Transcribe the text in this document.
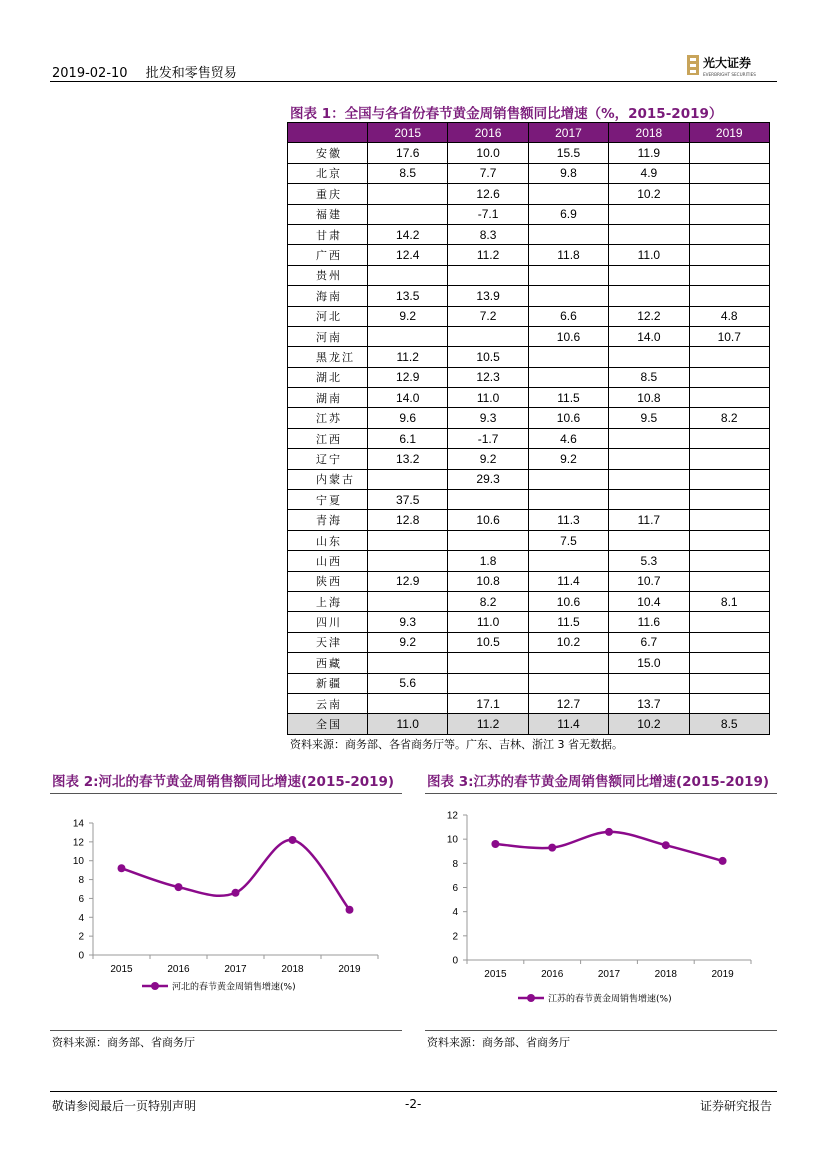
2019-02-10 批发和零售贸易
光大证券
EVERBRIGHT SECURITIES
图表 1：全国与各省份春节黄金周销售额同比增速（%，2015-2019）
	2015	2016	2017	2018	2019
安徽	17.6	10.0	15.5	11.9	
北京	8.5	7.7	9.8	4.9	
重庆		12.6		10.2	
福建		-7.1	6.9		
甘肃	14.2	8.3			
广西	12.4	11.2	11.8	11.0	
贵州					
海南	13.5	13.9			
河北	9.2	7.2	6.6	12.2	4.8
河南			10.6	14.0	10.7
黑龙江	11.2	10.5			
湖北	12.9	12.3		8.5	
湖南	14.0	11.0	11.5	10.8	
江苏	9.6	9.3	10.6	9.5	8.2
江西	6.1	-1.7	4.6		
辽宁	13.2	9.2	9.2		
内蒙古		29.3			
宁夏	37.5				
青海	12.8	10.6	11.3	11.7	
山东			7.5		
山西		1.8		5.3	
陕西	12.9	10.8	11.4	10.7	
上海		8.2	10.6	10.4	8.1
四川	9.3	11.0	11.5	11.6	
天津	9.2	10.5	10.2	6.7	
西藏				15.0	
新疆	5.6				
云南		17.1	12.7	13.7	
全国	11.0	11.2	11.4	10.2	8.5
资料来源：商务部、各省商务厅等。广东、吉林、浙江 3 省无数据。
图表 2:河北的春节黄金周销售额同比增速(2015-2019)
0
2
4
6
8
10
12
14
2015	2016	2017	2018	2019
河北的春节黄金周销售增速(%)
资料来源：商务部、省商务厅
图表 3:江苏的春节黄金周销售额同比增速(2015-2019)
0
2
4
6
8
10
12
2015	2016	2017	2018	2019
江苏的春节黄金周销售增速(%)
资料来源：商务部、省商务厅
敬请参阅最后一页特别声明	-2-	证券研究报告
